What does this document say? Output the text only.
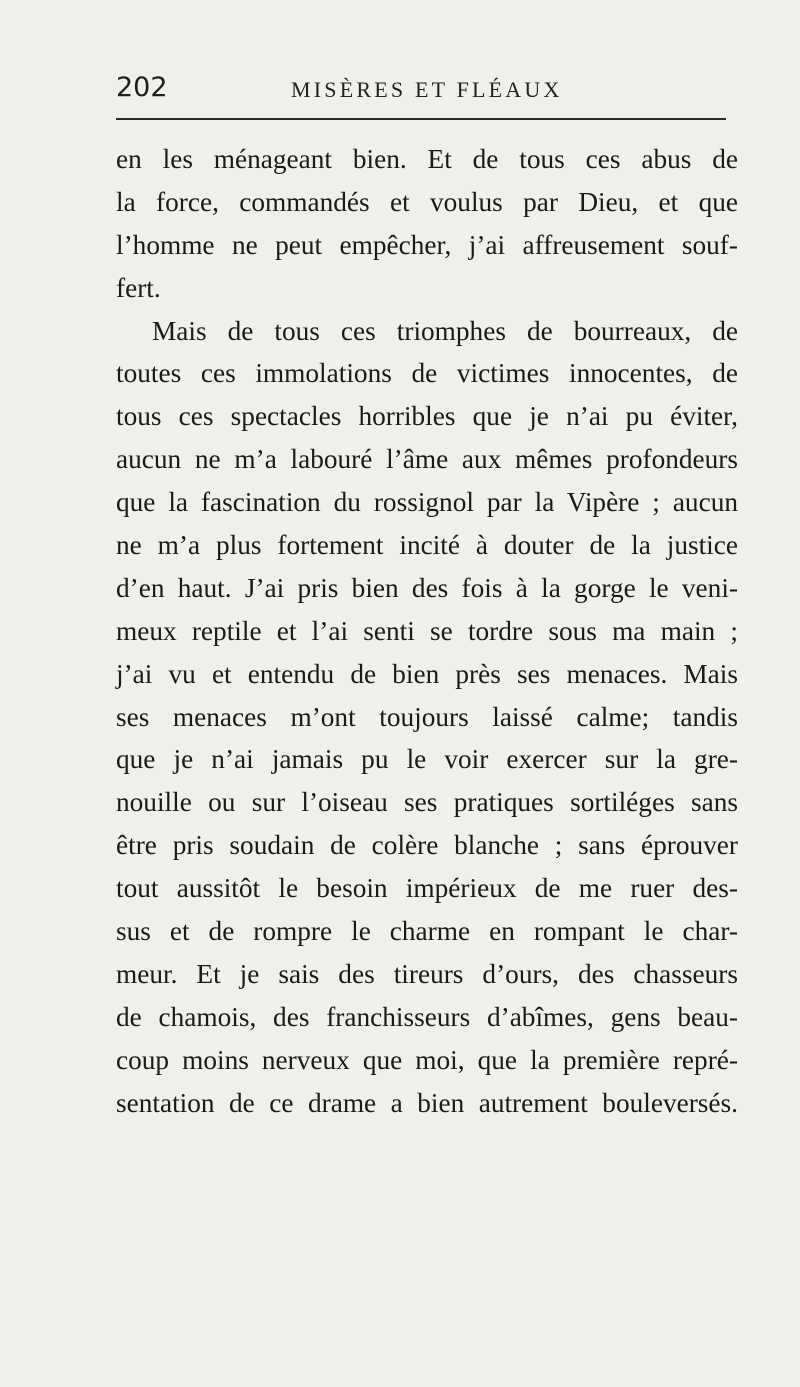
202	MISÈRES ET FLÉAUX
en les ménageant bien. Et de tous ces abus de
la force, commandés et voulus par Dieu, et que
l’homme ne peut empêcher, j’ai affreusement souf-
fert.
Mais de tous ces triomphes de bourreaux, de
toutes ces immolations de victimes innocentes, de
tous ces spectacles horribles que je n’ai pu éviter,
aucun ne m’a labouré l’âme aux mêmes profondeurs
que la fascination du rossignol par la Vipère ; aucun
ne m’a plus fortement incité à douter de la justice
d’en haut. J’ai pris bien des fois à la gorge le veni-
meux reptile et l’ai senti se tordre sous ma main ;
j’ai vu et entendu de bien près ses menaces. Mais
ses menaces m’ont toujours laissé calme; tandis
que je n’ai jamais pu le voir exercer sur la gre-
nouille ou sur l’oiseau ses pratiques sortiléges sans
être pris soudain de colère blanche ; sans éprouver
tout aussitôt le besoin impérieux de me ruer des-
sus et de rompre le charme en rompant le char-
meur. Et je sais des tireurs d’ours, des chasseurs
de chamois, des franchisseurs d’abîmes, gens beau-
coup moins nerveux que moi, que la première repré-
sentation de ce drame a bien autrement bouleversés.
